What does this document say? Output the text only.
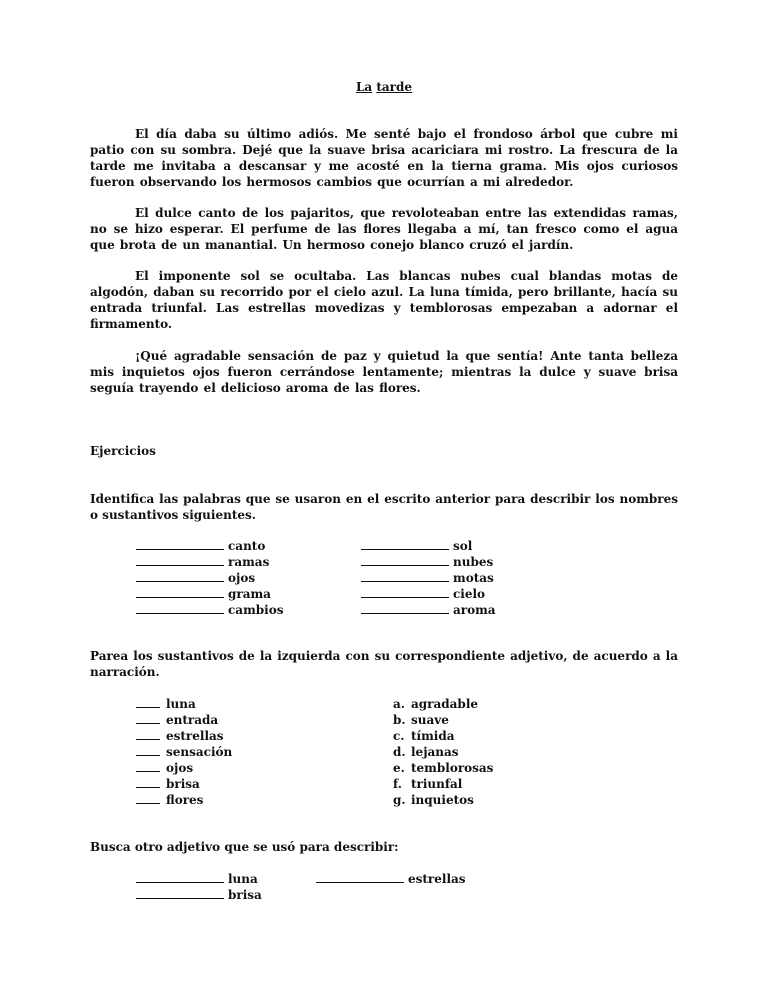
La tarde

El día daba su último adiós. Me senté bajo el frondoso árbol que cubre mi patio con su sombra. Dejé que la suave brisa acariciara mi rostro. La frescura de la tarde me invitaba a descansar y me acosté en la tierna grama. Mis ojos curiosos fueron observando los hermosos cambios que ocurrían a mi alrededor.

El dulce canto de los pajaritos, que revoloteaban entre las extendidas ramas, no se hizo esperar. El perfume de las flores llegaba a mí, tan fresco como el agua que brota de un manantial. Un hermoso conejo blanco cruzó el jardín.

El imponente sol se ocultaba. Las blancas nubes cual blandas motas de algodón, daban su recorrido por el cielo azul. La luna tímida, pero brillante, hacía su entrada triunfal. Las estrellas movedizas y temblorosas empezaban a adornar el firmamento.

¡Qué agradable sensación de paz y quietud la que sentía! Ante tanta belleza mis inquietos ojos fueron cerrándose lentamente; mientras la dulce y suave brisa seguía trayendo el delicioso aroma de las flores.

Ejercicios

Identifica las palabras que se usaron en el escrito anterior para describir los nombres o sustantivos siguientes.

canto
ramas
ojos
grama
cambios
sol
nubes
motas
cielo
aroma

Parea los sustantivos de la izquierda con su correspondiente adjetivo, de acuerdo a la narración.

luna
entrada
estrellas
sensación
ojos
brisa
flores
a. agradable
b. suave
c. tímida
d. lejanas
e. temblorosas
f. triunfal
g. inquietos

Busca otro adjetivo que se usó para describir:

luna
brisa
estrellas
